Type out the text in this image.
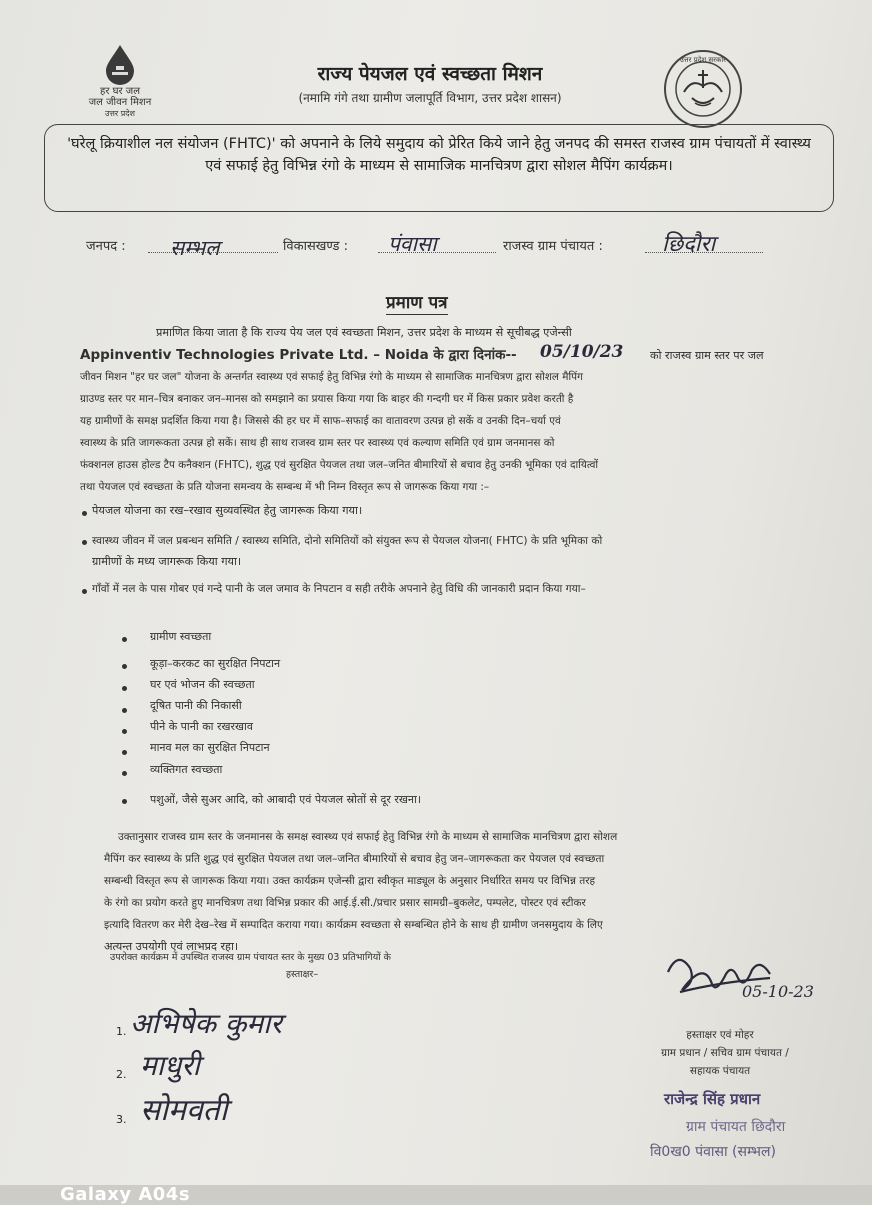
हर घर जल
जल जीवन मिशन
उत्तर प्रदेश
उत्तर प्रदेश सरकार
राज्य पेयजल एवं स्वच्छता मिशन
(नमामि गंगे तथा ग्रामीण जलापूर्ति विभाग, उत्तर प्रदेश शासन)
'घरेलू क्रियाशील नल संयोजन (FHTC)' को अपनाने के लिये समुदाय को प्रेरित किये जाने हेतु जनपद की समस्त राजस्व ग्राम पंचायतों में स्वास्थ्य एवं सफाई हेतु विभिन्न रंगो के माध्यम से सामाजिक मानचित्रण द्वारा सोशल मैपिंग कार्यक्रम।
जनपद : सम्भल	विकासखण्ड : पंवासा	राजस्व ग्राम पंचायत :	छिदौरा
प्रमाण पत्र
प्रमाणित किया जाता है कि राज्य पेय जल एवं स्वच्छता मिशन, उत्तर प्रदेश के माध्यम से सूचीबद्ध एजेन्सी
Appinventiv Technologies Private Ltd. – Noida के द्वारा दिनांक-- 05/10/23 को राजस्व ग्राम स्तर पर जल
जीवन मिशन "हर घर जल" योजना के अन्तर्गत स्वास्थ्य एवं सफाई हेतु विभिन्न रंगो के माध्यम से सामाजिक मानचित्रण द्वारा सोशल मैपिंग
ग्राउण्ड स्तर पर मान–चित्र बनाकर जन–मानस को समझाने का प्रयास किया गया कि बाहर की गन्दगी घर में किस प्रकार प्रवेश करती है
यह ग्रामीणों के समक्ष प्रदर्शित किया गया है। जिससे की हर घर में साफ–सफाई का वातावरण उत्पन्न हो सकें व उनकी दिन–चर्या एवं
स्वास्थ्य के प्रति जागरूकता उत्पन्न हो सकें। साथ ही साथ राजस्व ग्राम स्तर पर स्वास्थ्य एवं कल्याण समिति एवं ग्राम जनमानस को
फंक्शनल हाउस होल्ड टैप कनैक्शन (FHTC), शुद्ध एवं सुरक्षित पेयजल तथा जल–जनित बीमारियों से बचाव हेतु उनकी भूमिका एवं दायित्वों
तथा पेयजल एवं स्वच्छता के प्रति योजना समन्वय के सम्बन्ध में भी निम्न विस्तृत रूप से जागरूक किया गया :–
पेयजल योजना का रख–रखाव सुव्यवस्थित हेतु जागरूक किया गया।
स्वास्थ्य जीवन में जल प्रबन्धन समिति / स्वास्थ्य समिति, दोनो समितियों को संयुक्त रूप से पेयजल योजना( FHTC) के प्रति भूमिका को
ग्रामीणों के मध्य जागरूक किया गया।
गाँवों में नल के पास गोबर एवं गन्दे पानी के जल जमाव के निपटान व सही तरीके अपनाने हेतु विधि की जानकारी प्रदान किया गया–
ग्रामीण स्वच्छता
कूड़ा–करकट का सुरक्षित निपटान
घर एवं भोजन की स्वच्छता
दूषित पानी की निकासी
पीने के पानी का रखरखाव
मानव मल का सुरक्षित निपटान
व्यक्तिगत स्वच्छता
पशुओं, जैसे सुअर आदि, को आबादी एवं पेयजल स्रोतों से दूर रखना।
उक्तानुसार राजस्व ग्राम स्तर के जनमानस के समक्ष स्वास्थ्य एवं सफाई हेतु विभिन्न रंगो के माध्यम से सामाजिक मानचित्रण द्वारा सोशल
मैपिंग कर स्वास्थ्य के प्रति शुद्ध एवं सुरक्षित पेयजल तथा जल–जनित बीमारियों से बचाव हेतु जन–जागरूकता कर पेयजल एवं स्वच्छता
सम्बन्धी विस्तृत रूप से जागरूक किया गया। उक्त कार्यक्रम एजेन्सी द्वारा स्वीकृत माड्यूल के अनुसार निर्धारित समय पर विभिन्न तरह
के रंगो का प्रयोग करते हुए मानचित्रण तथा विभिन्न प्रकार की आई.ई.सी./प्रचार प्रसार सामग्री–बुकलेट, पम्पलेट, पोस्टर एवं स्टीकर
इत्यादि वितरण कर मेरी देख–रेख में सम्पादित कराया गया। कार्यक्रम स्वच्छता से सम्बन्धित होने के साथ ही ग्रामीण जनसमुदाय के लिए
अत्यन्त उपयोगी एवं लाभप्रद रहा।
उपरोक्त कार्यक्रम में उपस्थित राजस्व ग्राम पंचायत स्तर के मुख्य 03 प्रतिभागियों के
हस्ताक्षर–
1. अभिषेक कुमार
2. माधुरी
3. सोमवती
05-10-23
हस्ताक्षर एवं मोहर
ग्राम प्रधान / सचिव ग्राम पंचायत /
सहायक पंचायत
राजेन्द्र सिंह प्रधान
ग्राम पंचायत छिदौरा
वि0ख0 पंवासा (सम्भल)
Galaxy A04s
